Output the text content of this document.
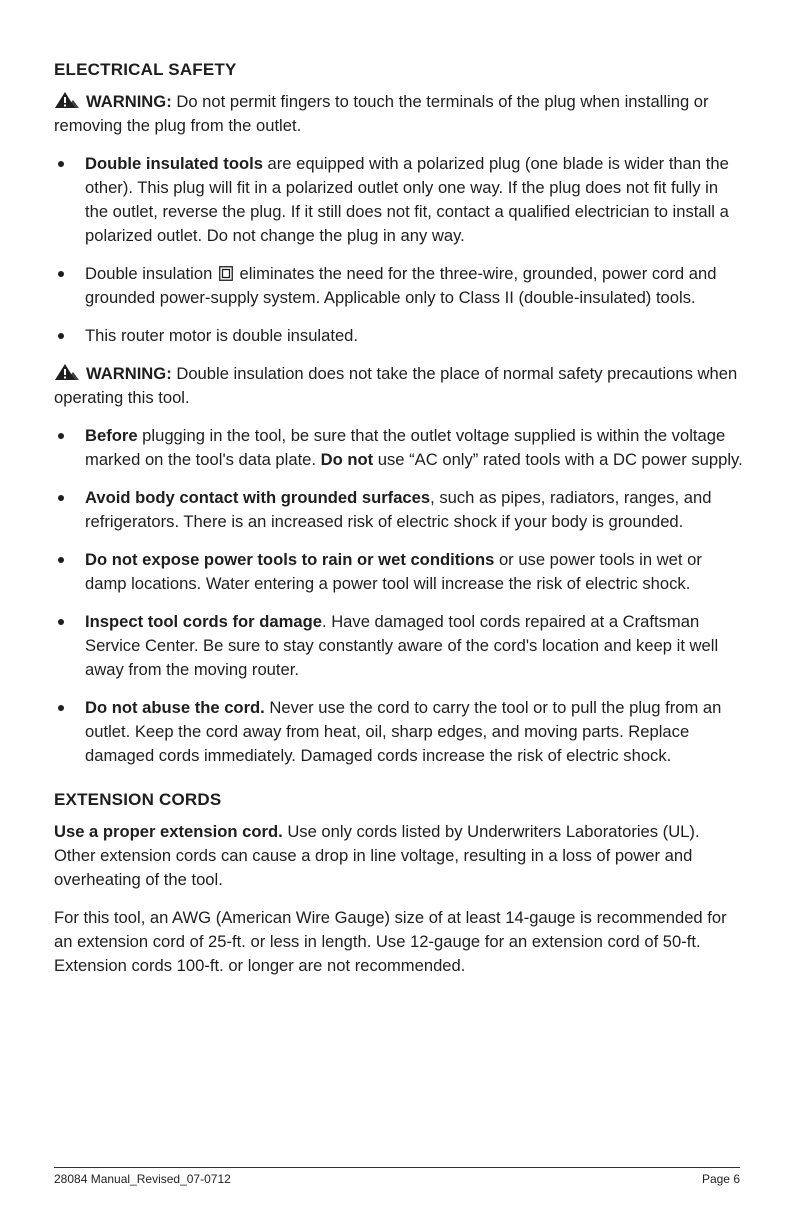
ELECTRICAL SAFETY

WARNING: Do not permit fingers to touch the terminals of the plug when installing or removing the plug from the outlet.

Double insulated tools are equipped with a polarized plug (one blade is wider than the other). This plug will fit in a polarized outlet only one way. If the plug does not fit fully in the outlet, reverse the plug. If it still does not fit, contact a qualified electrician to install a polarized outlet. Do not change the plug in any way.
Double insulation  eliminates the need for the three-wire, grounded, power cord and grounded power-supply system. Applicable only to Class II (double-insulated) tools.
This router motor is double insulated.

WARNING: Double insulation does not take the place of normal safety precautions when operating this tool.

Before plugging in the tool, be sure that the outlet voltage supplied is within the voltage marked on the tool's data plate. Do not use “AC only” rated tools with a DC power supply.
Avoid body contact with grounded surfaces, such as pipes, radiators, ranges, and refrigerators. There is an increased risk of electric shock if your body is grounded.
Do not expose power tools to rain or wet conditions or use power tools in wet or damp locations. Water entering a power tool will increase the risk of electric shock.
Inspect tool cords for damage. Have damaged tool cords repaired at a Craftsman Service Center. Be sure to stay constantly aware of the cord's location and keep it well away from the moving router.
Do not abuse the cord. Never use the cord to carry the tool or to pull the plug from an outlet. Keep the cord away from heat, oil, sharp edges, and moving parts. Replace damaged cords immediately. Damaged cords increase the risk of electric shock.
EXTENSION CORDS

Use a proper extension cord. Use only cords listed by Underwriters Laboratories (UL). Other extension cords can cause a drop in line voltage, resulting in a loss of power and overheating of the tool.

For this tool, an AWG (American Wire Gauge) size of at least 14-gauge is recommended for an extension cord of 25-ft. or less in length. Use 12-gauge for an extension cord of 50-ft. Extension cords 100-ft. or longer are not recommended.

28084 Manual_Revised_07-0712	Page 6
